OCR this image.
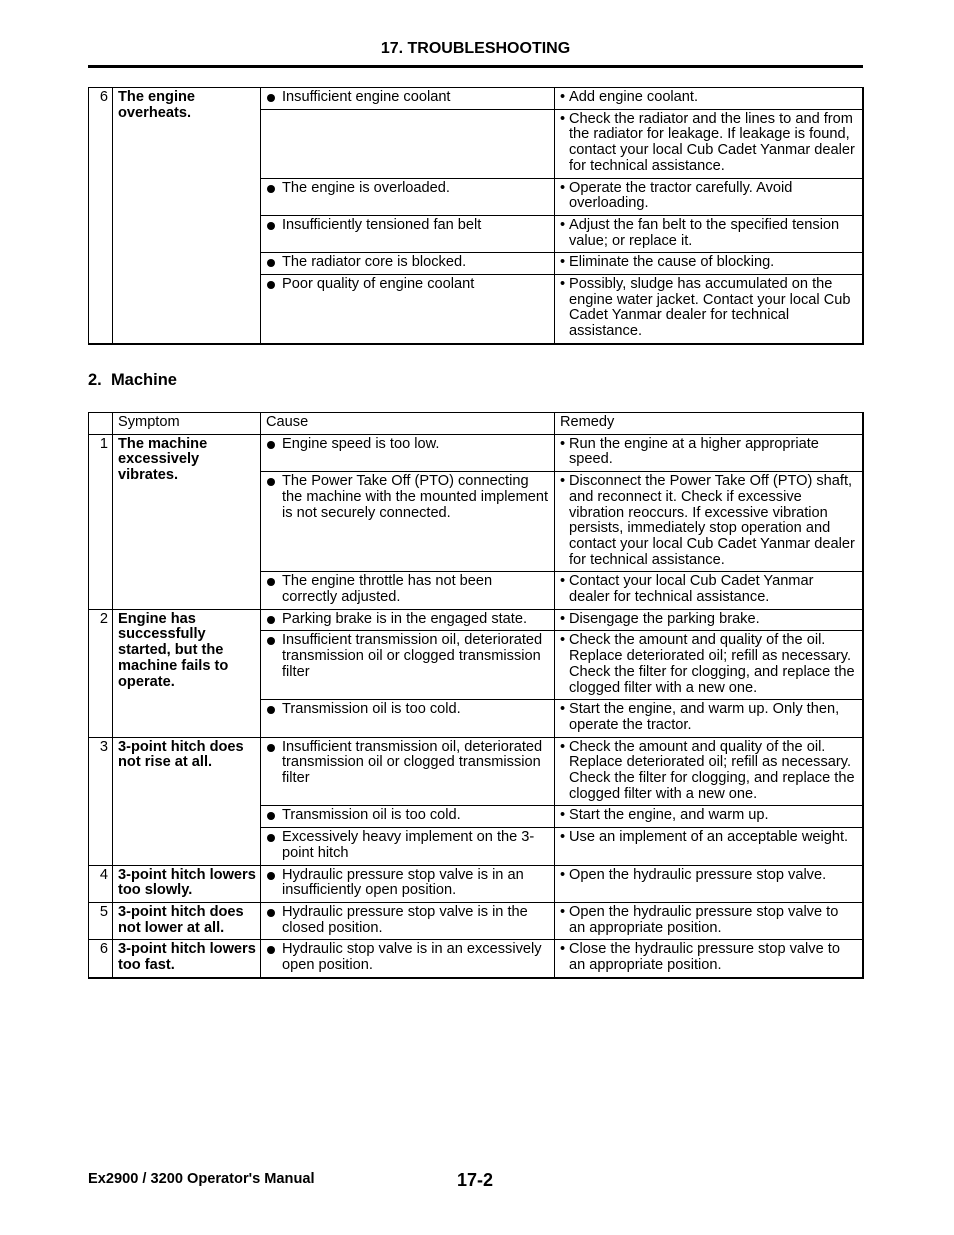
17. TROUBLESHOOTING
6	The engine overheats.	Insufficient engine coolant	• Add engine coolant.

			• Check the radiator and the lines to and from the radiator for leakage. If leakage is found, contact your local Cub Cadet Yanmar dealer for technical assistance.

		The engine is overloaded.	• Operate the tractor carefully. Avoid overloading.

		Insufficiently tensioned fan belt	• Adjust the fan belt to the specified tension value; or replace it.

		The radiator core is blocked.	• Eliminate the cause of blocking.

		Poor quality of engine coolant	• Possibly, sludge has accumulated on the engine water jacket. Contact your local Cub Cadet Yanmar dealer for technical assistance.
2. Machine
	Symptom	Cause	Remedy
1	The machine excessively vibrates.	Engine speed is too low.	• Run the engine at a higher appropriate speed.

		The Power Take Off (PTO) connecting the machine with the mounted implement is not securely connected.	• Disconnect the Power Take Off (PTO) shaft, and reconnect it. Check if excessive vibration reoccurs. If excessive vibration persists, immediately stop operation and contact your local Cub Cadet Yanmar dealer for technical assistance.

		The engine throttle has not been correctly adjusted.	• Contact your local Cub Cadet Yanmar dealer for technical assistance.

2	Engine has successfully started, but the machine fails to operate.	Parking brake is in the engaged state.	• Disengage the parking brake.

		Insufficient transmission oil, deteriorated transmission oil or clogged transmission filter	• Check the amount and quality of the oil. Replace deteriorated oil; refill as necessary. Check the filter for clogging, and replace the clogged filter with a new one.

		Transmission oil is too cold.	• Start the engine, and warm up. Only then, operate the tractor.

3	3-point hitch does not rise at all.	Insufficient transmission oil, deteriorated transmission oil or clogged transmission filter	• Check the amount and quality of the oil. Replace deteriorated oil; refill as necessary. Check the filter for clogging, and replace the clogged filter with a new one.

		Transmission oil is too cold.	• Start the engine, and warm up.

		Excessively heavy implement on the 3-point hitch	• Use an implement of an acceptable weight.

4	3-point hitch lowers too slowly.	Hydraulic pressure stop valve is in an insufficiently open position.	• Open the hydraulic pressure stop valve.

5	3-point hitch does not lower at all.	Hydraulic pressure stop valve is in the closed position.	• Open the hydraulic pressure stop valve to an appropriate position.

6	3-point hitch lowers too fast.	Hydraulic stop valve is in an excessively open position.	• Close the hydraulic pressure stop valve to an appropriate position.
Ex2900 / 3200 Operator's Manual	17-2
